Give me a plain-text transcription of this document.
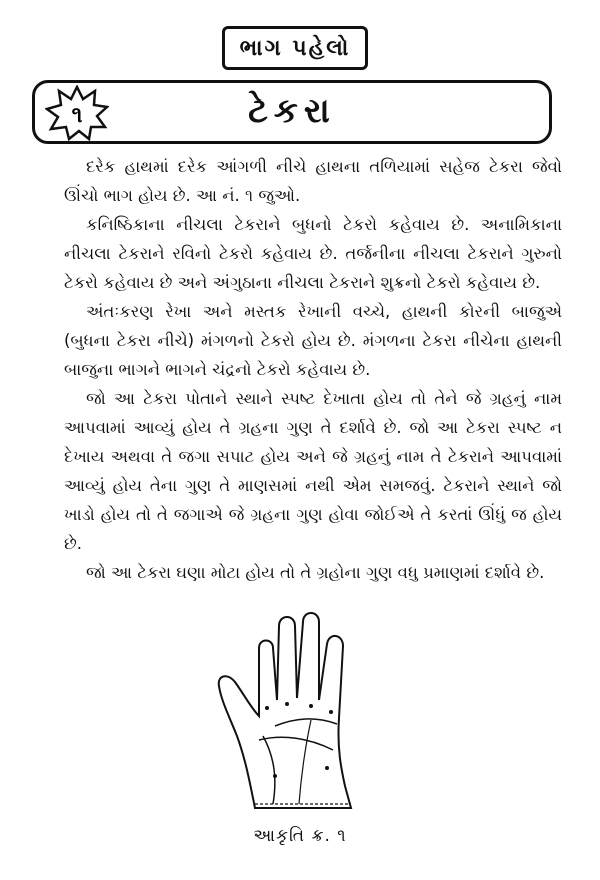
ભાગ પહેલો
૧	ટેકરા

દરેક હાથમાં દરેક આંગળી નીચે હાથના તળિયામાં સહેજ ટેકરા જેવો ઊંચો ભાગ હોય છે. આ નં. ૧ જુઓ.

કનિષ્ઠિકાના નીચલા ટેકરાને બુધનો ટેકરો કહેવાય છે. અનામિકાના નીચલા ટેકરાને રવિનો ટેકરો કહેવાય છે. તર્જનીના નીચલા ટેકરાને ગુરુનો ટેકરો કહેવાય છે અને અંગુઠાના નીચલા ટેકરાને શુક્રનો ટેકરો કહેવાય છે.

અંતઃકરણ રેખા અને મસ્તક રેખાની વચ્ચે, હાથની કોરની બાજુએ (બુધના ટેકરા નીચે) મંગળનો ટેકરો હોય છે. મંગળના ટેકરા નીચેના હાથની બાજુના ભાગને ભાગને ચંદ્રનો ટેકરો કહેવાય છે.

જો આ ટેકરા પોતાને સ્થાને સ્પષ્ટ દેખાતા હોય તો તેને જે ગ્રહનું નામ આપવામાં આવ્યું હોય તે ગ્રહના ગુણ તે દર્શાવે છે. જો આ ટેકરા સ્પષ્ટ ન દેખાય અથવા તે જગા સપાટ હોય અને જે ગ્રહનું નામ તે ટેકરાને આપવામાં આવ્યું હોય તેના ગુણ તે માણસમાં નથી એમ સમજવું. ટેકરાને સ્થાને જો ખાડો હોય તો તે જગાએ જે ગ્રહના ગુણ હોવા જોઈએ તે કરતાં ઊંધું જ હોય છે.

જો આ ટેકરા ઘણા મોટા હોય તો તે ગ્રહોના ગુણ વધુ પ્રમાણમાં દર્શાવે છે.

આકૃતિ ક્ર. ૧
